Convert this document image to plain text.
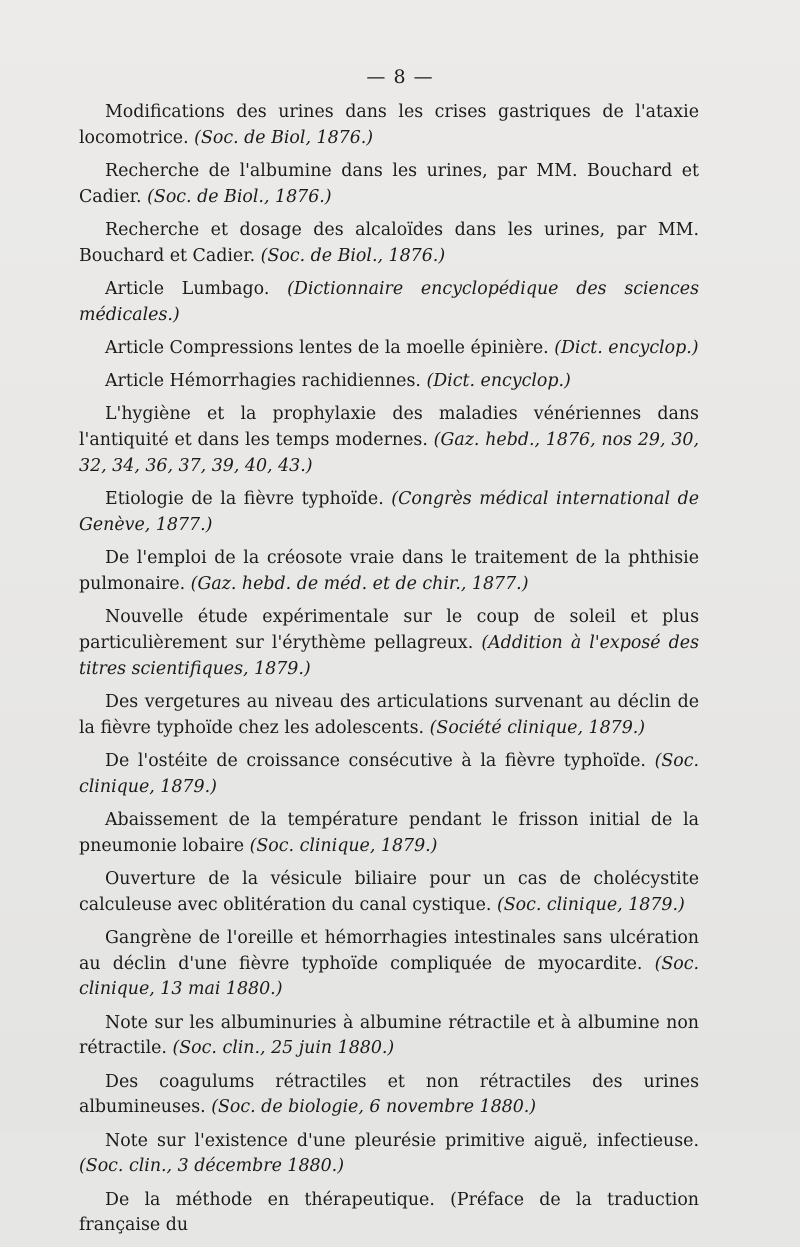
— 8 —

Modifications des urines dans les crises gastriques de l'ataxie locomotrice. (Soc. de Biol, 1876.)

Recherche de l'albumine dans les urines, par MM. Bouchard et Cadier. (Soc. de Biol., 1876.)

Recherche et dosage des alcaloïdes dans les urines, par MM. Bouchard et Cadier. (Soc. de Biol., 1876.)

Article Lumbago. (Dictionnaire encyclopédique des sciences médicales.)

Article Compressions lentes de la moelle épinière. (Dict. encyclop.)

Article Hémorrhagies rachidiennes. (Dict. encyclop.)

L'hygiène et la prophylaxie des maladies vénériennes dans l'antiquité et dans les temps modernes. (Gaz. hebd., 1876, nos 29, 30, 32, 34, 36, 37, 39, 40, 43.)

Etiologie de la fièvre typhoïde. (Congrès médical international de Genève, 1877.)

De l'emploi de la créosote vraie dans le traitement de la phthisie pulmonaire. (Gaz. hebd. de méd. et de chir., 1877.)

Nouvelle étude expérimentale sur le coup de soleil et plus particulièrement sur l'érythème pellagreux. (Addition à l'exposé des titres scientifiques, 1879.)

Des vergetures au niveau des articulations survenant au déclin de la fièvre typhoïde chez les adolescents. (Société clinique, 1879.)

De l'ostéite de croissance consécutive à la fièvre typhoïde. (Soc. clinique, 1879.)

Abaissement de la température pendant le frisson initial de la pneumonie lobaire (Soc. clinique, 1879.)

Ouverture de la vésicule biliaire pour un cas de cholécystite calculeuse avec oblitération du canal cystique. (Soc. clinique, 1879.)

Gangrène de l'oreille et hémorrhagies intestinales sans ulcération au déclin d'une fièvre typhoïde compliquée de myocardite. (Soc. clinique, 13 mai 1880.)

Note sur les albuminuries à albumine rétractile et à albumine non rétractile. (Soc. clin., 25 juin 1880.)

Des coagulums rétractiles et non rétractiles des urines albumineuses. (Soc. de biologie, 6 novembre 1880.)

Note sur l'existence d'une pleurésie primitive aiguë, infectieuse. (Soc. clin., 3 décembre 1880.)

De la méthode en thérapeutique. (Préface de la traduction française du
